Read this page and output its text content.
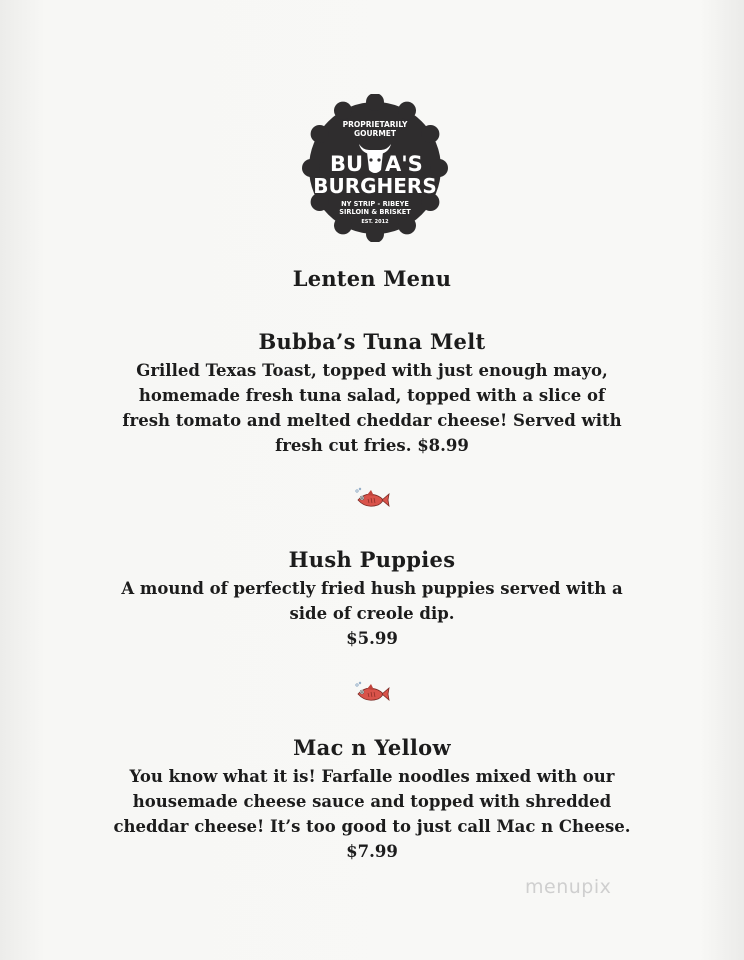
PROPRIETARILY
GOURMET
BU A'S
BURGHERS
NY STRIP - RIBEYE
SIRLOIN & BRISKET
EST. 2012
Lenten Menu
Bubba’s Tuna Melt
Grilled Texas Toast, topped with just enough mayo,
homemade fresh tuna salad, topped with a slice of
fresh tomato and melted cheddar cheese! Served with
fresh cut fries. $8.99
Hush Puppies
A mound of perfectly fried hush puppies served with a
side of creole dip.
$5.99
Mac n Yellow
You know what it is! Farfalle noodles mixed with our
housemade cheese sauce and topped with shredded
cheddar cheese! It’s too good to just call Mac n Cheese.
$7.99
menupix
